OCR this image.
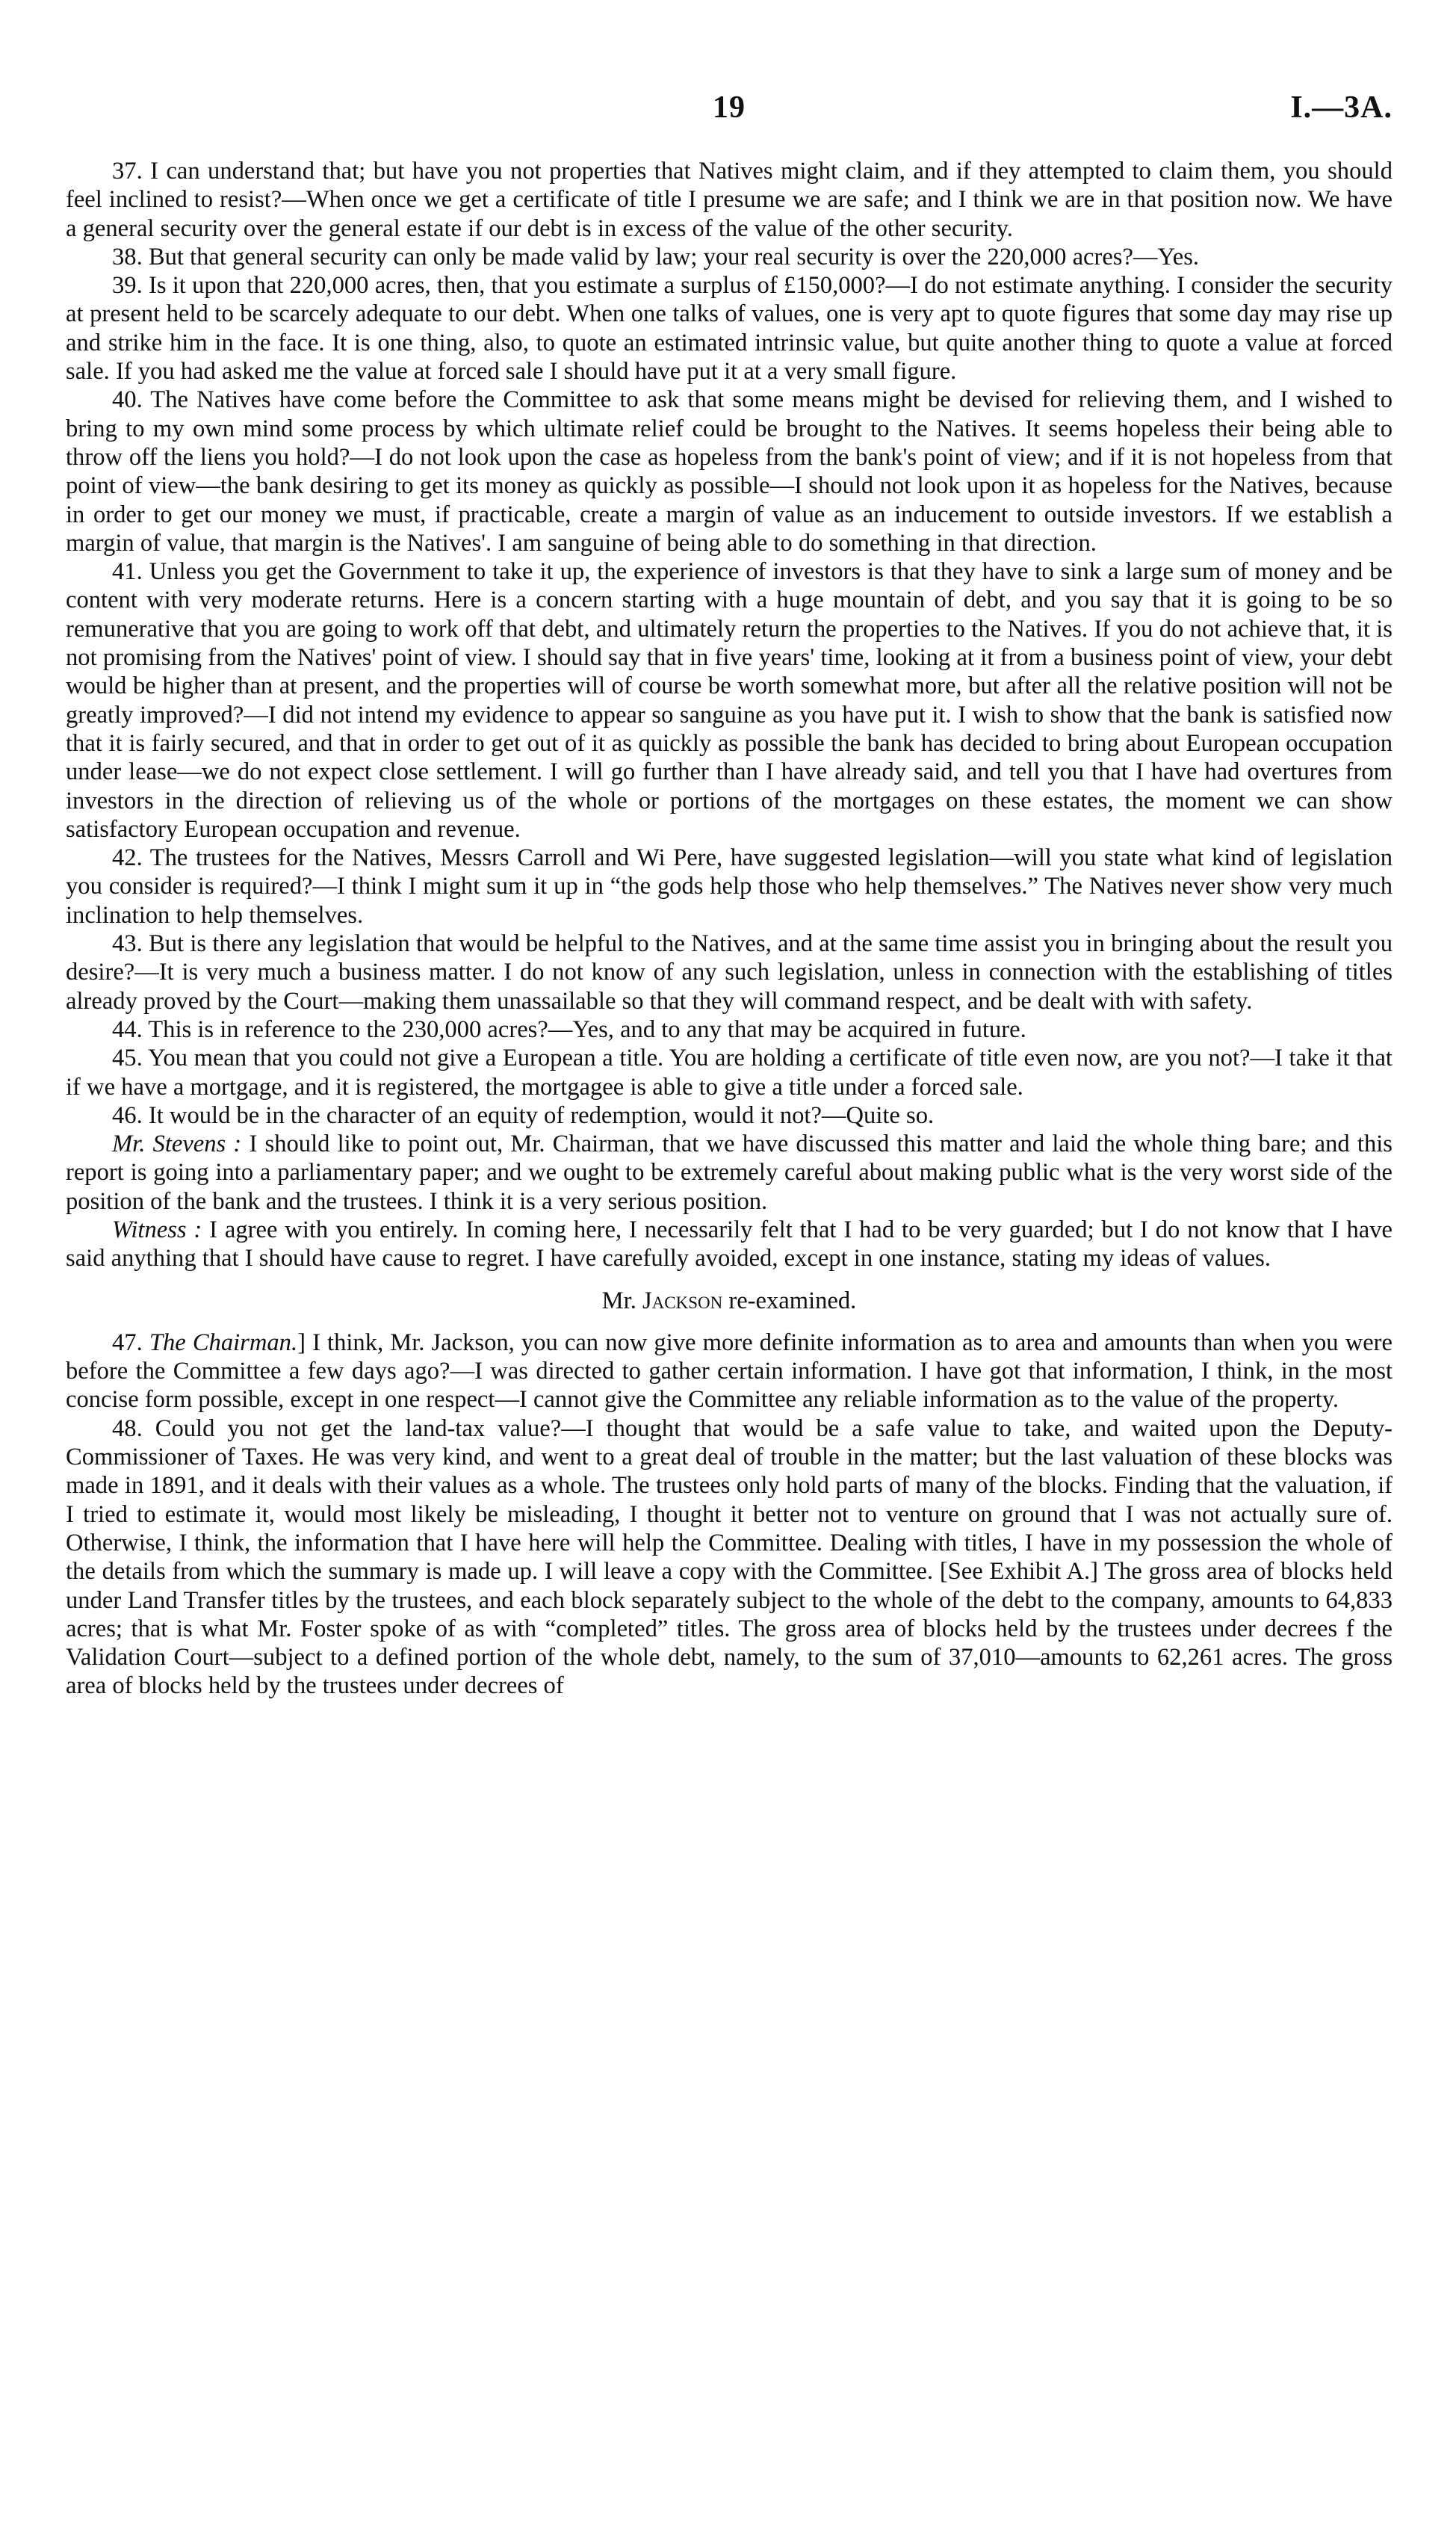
19	I.—3A.

37. I can understand that; but have you not properties that Natives might claim, and if they attempted to claim them, you should feel inclined to resist?—When once we get a certificate of title I presume we are safe; and I think we are in that position now. We have a general security over the general estate if our debt is in excess of the value of the other security.

38. But that general security can only be made valid by law; your real security is over the 220,000 acres?—Yes.

39. Is it upon that 220,000 acres, then, that you estimate a surplus of £150,000?—I do not estimate anything. I consider the security at present held to be scarcely adequate to our debt. When one talks of values, one is very apt to quote figures that some day may rise up and strike him in the face. It is one thing, also, to quote an estimated intrinsic value, but quite another thing to quote a value at forced sale. If you had asked me the value at forced sale I should have put it at a very small figure.

40. The Natives have come before the Committee to ask that some means might be devised for relieving them, and I wished to bring to my own mind some process by which ultimate relief could be brought to the Natives. It seems hopeless their being able to throw off the liens you hold?—I do not look upon the case as hopeless from the bank's point of view; and if it is not hopeless from that point of view—the bank desiring to get its money as quickly as possible—I should not look upon it as hopeless for the Natives, because in order to get our money we must, if practicable, create a margin of value as an inducement to outside investors. If we establish a margin of value, that margin is the Natives'. I am sanguine of being able to do something in that direction.

41. Unless you get the Government to take it up, the experience of investors is that they have to sink a large sum of money and be content with very moderate returns. Here is a concern starting with a huge mountain of debt, and you say that it is going to be so remunerative that you are going to work off that debt, and ultimately return the properties to the Natives. If you do not achieve that, it is not promising from the Natives' point of view. I should say that in five years' time, looking at it from a business point of view, your debt would be higher than at present, and the properties will of course be worth somewhat more, but after all the relative position will not be greatly improved?—I did not intend my evidence to appear so sanguine as you have put it. I wish to show that the bank is satisfied now that it is fairly secured, and that in order to get out of it as quickly as possible the bank has decided to bring about European occupation under lease—we do not expect close settlement. I will go further than I have already said, and tell you that I have had overtures from investors in the direction of relieving us of the whole or portions of the mortgages on these estates, the moment we can show satisfactory European occupation and revenue.

42. The trustees for the Natives, Messrs Carroll and Wi Pere, have suggested legislation—will you state what kind of legislation you consider is required?—I think I might sum it up in “the gods help those who help themselves.” The Natives never show very much inclination to help themselves.

43. But is there any legislation that would be helpful to the Natives, and at the same time assist you in bringing about the result you desire?—It is very much a business matter. I do not know of any such legislation, unless in connection with the establishing of titles already proved by the Court—making them unassailable so that they will command respect, and be dealt with with safety.

44. This is in reference to the 230,000 acres?—Yes, and to any that may be acquired in future.

45. You mean that you could not give a European a title. You are holding a certificate of title even now, are you not?—I take it that if we have a mortgage, and it is registered, the mortgagee is able to give a title under a forced sale.

46. It would be in the character of an equity of redemption, would it not?—Quite so.

Mr. Stevens : I should like to point out, Mr. Chairman, that we have discussed this matter and laid the whole thing bare; and this report is going into a parliamentary paper; and we ought to be extremely careful about making public what is the very worst side of the position of the bank and the trustees. I think it is a very serious position.

Witness : I agree with you entirely. In coming here, I necessarily felt that I had to be very guarded; but I do not know that I have said anything that I should have cause to regret. I have carefully avoided, except in one instance, stating my ideas of values.

Mr. Jackson re-examined.

47. The Chairman.] I think, Mr. Jackson, you can now give more definite information as to area and amounts than when you were before the Committee a few days ago?—I was directed to gather certain information. I have got that information, I think, in the most concise form possible, except in one respect—I cannot give the Committee any reliable information as to the value of the property.

48. Could you not get the land-tax value?—I thought that would be a safe value to take, and waited upon the Deputy-Commissioner of Taxes. He was very kind, and went to a great deal of trouble in the matter; but the last valuation of these blocks was made in 1891, and it deals with their values as a whole. The trustees only hold parts of many of the blocks. Finding that the valuation, if I tried to estimate it, would most likely be misleading, I thought it better not to venture on ground that I was not actually sure of. Otherwise, I think, the information that I have here will help the Committee. Dealing with titles, I have in my possession the whole of the details from which the summary is made up. I will leave a copy with the Committee. [See Exhibit A.] The gross area of blocks held under Land Transfer titles by the trustees, and each block separately subject to the whole of the debt to the company, amounts to 64,833 acres; that is what Mr. Foster spoke of as with “completed” titles. The gross area of blocks held by the trustees under decrees f the Validation Court—subject to a defined portion of the whole debt, namely, to the sum of 37,010—amounts to 62,261 acres. The gross area of blocks held by the trustees under decrees of
